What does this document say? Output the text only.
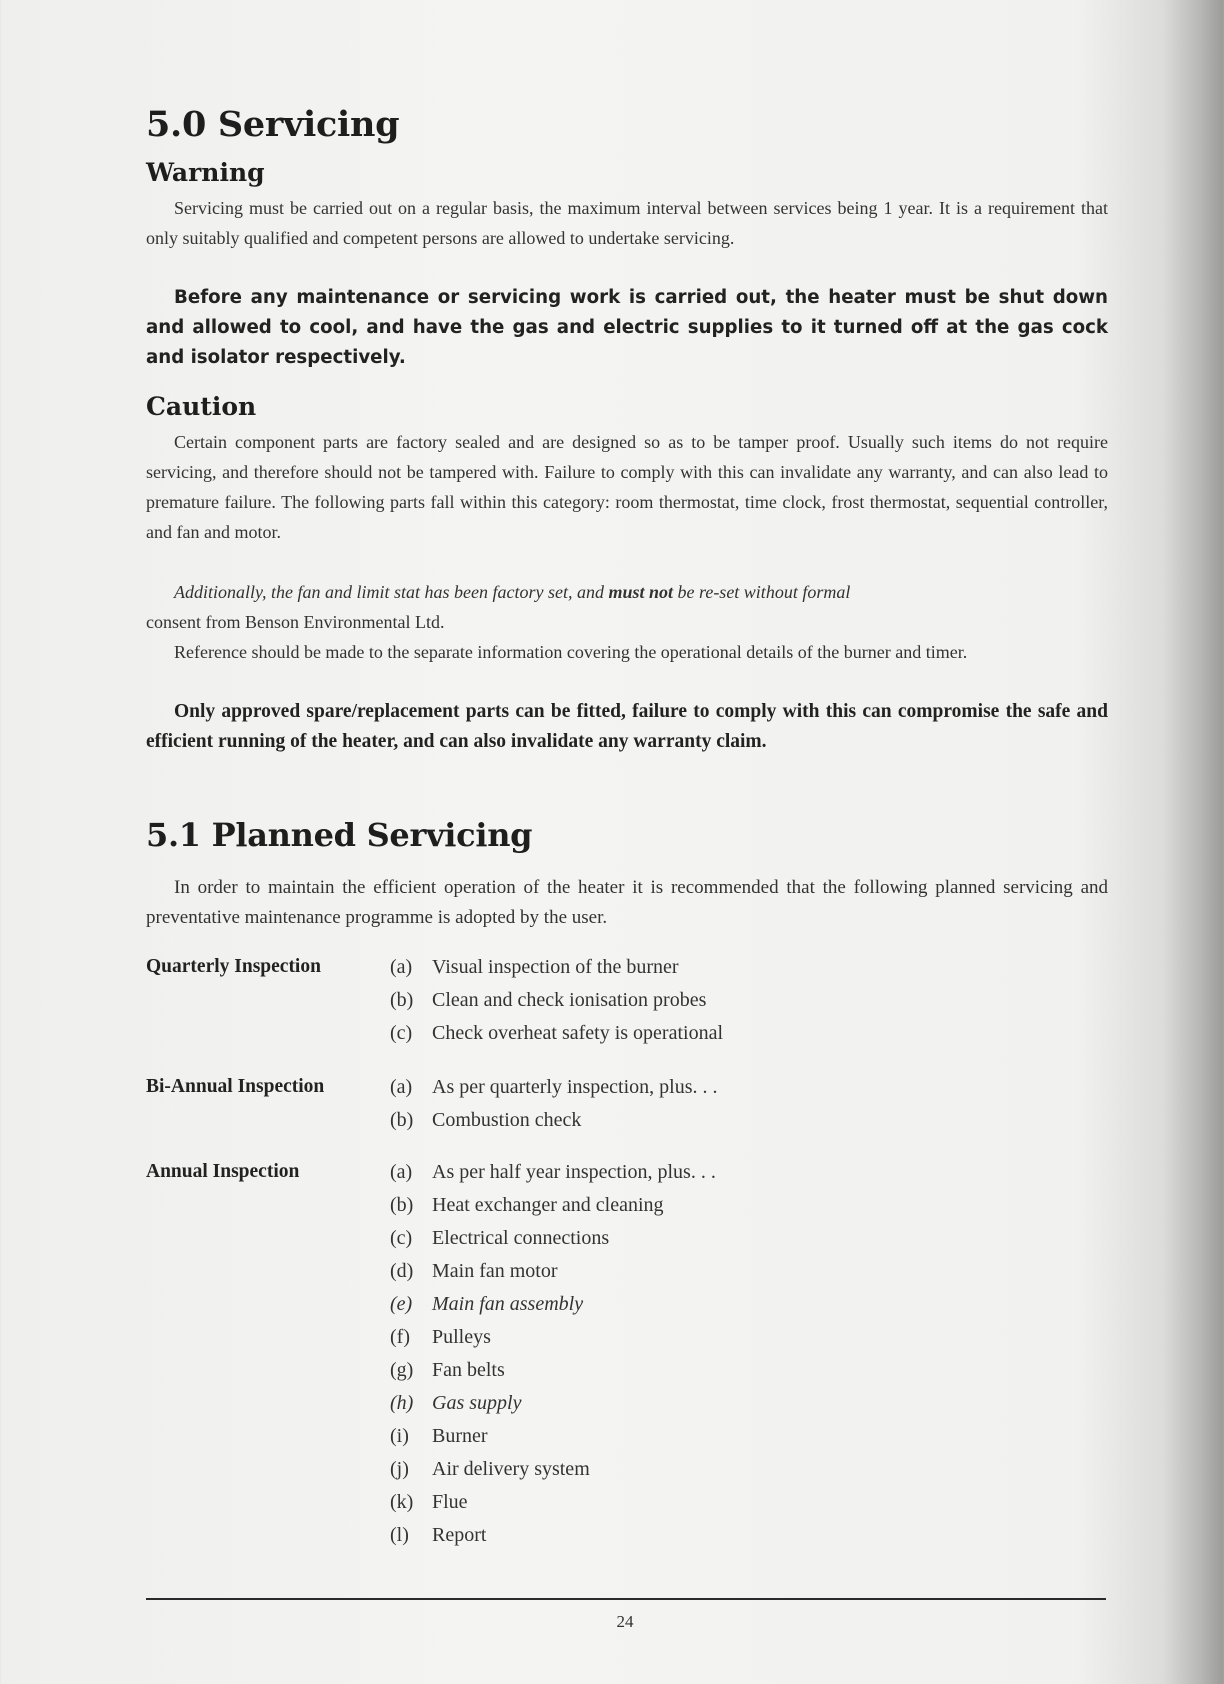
5.0 Servicing
Warning

Servicing must be carried out on a regular basis, the maximum interval between services being 1 year. It is a requirement that only suitably qualified and competent persons are allowed to undertake servicing.

Before any maintenance or servicing work is carried out, the heater must be shut down and allowed to cool, and have the gas and electric supplies to it turned off at the gas cock and isolator respectively.

Caution

Certain component parts are factory sealed and are designed so as to be tamper proof. Usually such items do not require servicing, and therefore should not be tampered with. Failure to comply with this can invalidate any warranty, and can also lead to premature failure. The following parts fall within this category: room thermostat, time clock, frost thermostat, sequential controller, and fan and motor.

Additionally, the fan and limit stat has been factory set, and must not be re-set without formal
consent from Benson Environmental Ltd.

Reference should be made to the separate information covering the operational details of the burner and timer.

Only approved spare/replacement parts can be fitted, failure to comply with this can compromise the safe and efficient running of the heater, and can also invalidate any warranty claim.

5.1 Planned Servicing

In order to maintain the efficient operation of the heater it is recommended that the following planned servicing and preventative maintenance programme is adopted by the user.

Quarterly Inspection	(a) Visual inspection of the burner
(b) Clean and check ionisation probes
(c) Check overheat safety is operational
Bi-Annual Inspection	(a) As per quarterly inspection, plus. . .
(b) Combustion check
Annual Inspection	(a) As per half year inspection, plus. . .
(b) Heat exchanger and cleaning
(c) Electrical connections
(d) Main fan motor
(e) Main fan assembly
(f) Pulleys
(g) Fan belts
(h) Gas supply
(i) Burner
(j) Air delivery system
(k) Flue
(l) Report
24
